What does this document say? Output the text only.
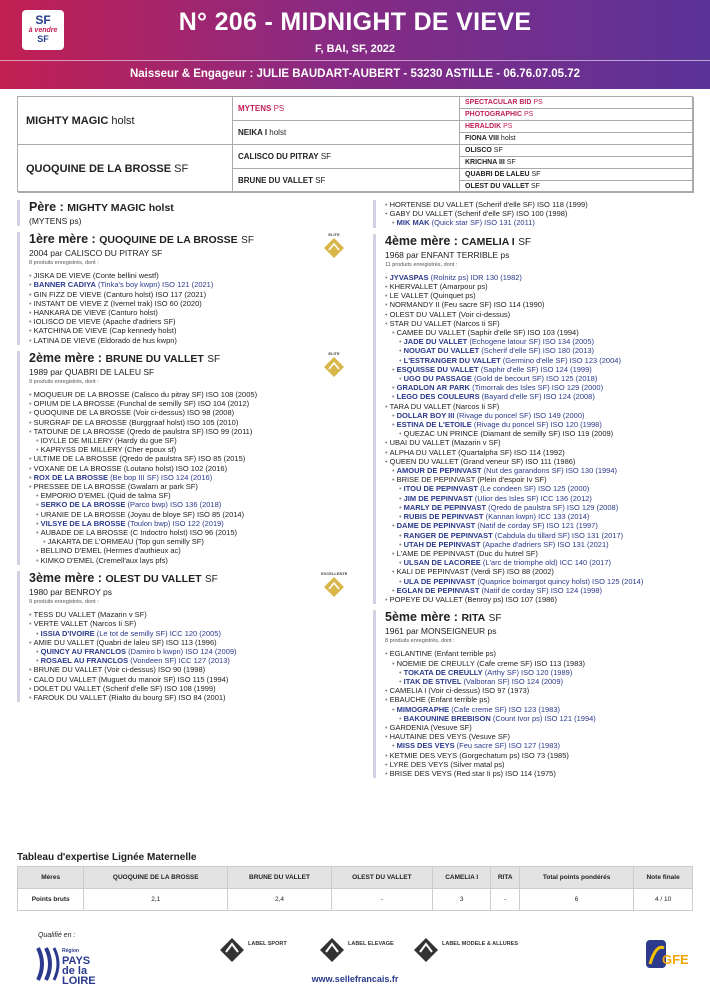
SF
à vendre
SF
N° 206 - MIDNIGHT DE VIEVE
F, BAI, SF, 2022
Naisseur & Engageur : JULIE BAUDART-AUBERT - 53230 ASTILLE - 06.76.07.05.72
MIGHTY MAGIC
holst
QUOQUINE DE LA BROSSE
SF
MYTENS
PS
NEIKA I
holst
CALISCO DU PITRAY
SF
BRUNE DU VALLET
SF
SPECTACULAR BID
PS
PHOTOGRAPHIC
PS
HERALDIK
PS
FIONA VIII
holst
OLISCO
SF
KRICHNA III
SF
QUABRI DE LALEU
SF
OLEST DU VALLET
SF
Père : MIGHTY MAGIC holst
(MYTENS ps)
ELITE
1ère mère : QUOQUINE DE LA BROSSE SF
2004 par CALISCO DU PITRAY SF
8 produits enregistrés, dont :
• JISKA DE VIEVE (Conte bellini westf)
• BANNER CADIYA (Tinka's boy kwpn) ISO 121 (2021)
• GIN FIZZ DE VIEVE (Canturo holst) ISO 117 (2021)
• INSTANT DE VIEVE Z (Ivernel trak) ISO 60 (2020)
• HANKARA DE VIEVE (Canturo holst)
• IOLISCO DE VIEVE (Apache d'adriers SF)
• KATCHINA DE VIEVE (Cap kennedy holst)
• LATINA DE VIEVE (Eldorado de hus kwpn)
ELITE
2ème mère : BRUNE DU VALLET SF
1989 par QUABRI DE LALEU SF
9 produits enregistrés, dont :
• MOQUEUR DE LA BROSSE (Calisco du pitray SF) ISO 108 (2005)
• OPIUM DE LA BROSSE (Funchal de semilly SF) ISO 104 (2012)
• QUOQUINE DE LA BROSSE (Voir ci-dessus) ISO 98 (2008)
• SURGRAF DE LA BROSSE (Burggraaf holst) ISO 105 (2010)
• TATOUNE DE LA BROSSE (Qredo de paulstra SF) ISO 99 (2011)
• IDYLLE DE MILLERY (Hardy du gue SF)
• KAPRYSS DE MILLERY (Cher epoux sf)
• ULTIME DE LA BROSSE (Qredo de paulstra SF) ISO 85 (2015)
• VOXANE DE LA BROSSE (Loutano holst) ISO 102 (2016)
• ROX DE LA BROSSE (Be bop III SF) ISO 124 (2016)
• PRESSEE DE LA BROSSE (Gwalarn ar park SF)
• EMPORIO D'EMEL (Quid de talma SF)
• SERKO DE LA BROSSE (Parco bwp) ISO 136 (2018)
• URANIE DE LA BROSSE (Joyau de bloye SF) ISO 85 (2014)
• VILSYE DE LA BROSSE (Toulon bwp) ISO 122 (2019)
• AUBADE DE LA BROSSE (C Indoctro holst) ISO 96 (2015)
• JAKARTA DE L'ORMEAU (Top gun semilly SF)
• BELLINO D'EMEL (Hermes d'authieux ac)
• KIMKO D'EMEL (Cremell'aux lays pfs)
EXCELLENTE
3ème mère : OLEST DU VALLET SF
1980 par BENROY ps
9 produits enregistrés, dont :
• TESS DU VALLET (Mazarin v SF)
• VERTE VALLET (Narcos Ii SF)
• ISSIA D'IVOIRE (Le tot de semilly SF) ICC 120 (2005)
• AMIE DU VALLET (Quabri de laleu SF) ISO 113 (1996)
• QUINCY AU FRANCLOS (Damiro b kwpn) ISO 124 (2009)
• ROSAEL AU FRANCLOS (Vondeen SF) ICC 127 (2013)
• BRUNE DU VALLET (Voir ci-dessus) ISO 90 (1998)
• CALO DU VALLET (Muguet du manoir SF) ISO 115 (1994)
• DOLET DU VALLET (Scherif d'elle SF) ISO 108 (1999)
• FAROUK DU VALLET (Rialto du bourg SF) ISO 84 (2001)
• HORTENSE DU VALLET (Scherif d'elle SF) ISO 118 (1999)
• GABY DU VALLET (Scherif d'elle SF) ISO 100 (1998)
• MIK MAK (Quick star SF) ISO 131 (2011)
4ème mère : CAMELIA I SF
1968 par ENFANT TERRIBLE ps
11 produits enregistrés, dont :
• JYVASPAS (Rolnitz ps) IDR 130 (1982)
• KHERVALLET (Amarpour ps)
• LE VALLET (Quinquet ps)
• NORMANDY II (Feu sacre SF) ISO 114 (1990)
• OLEST DU VALLET (Voir ci-dessus)
• STAR DU VALLET (Narcos Ii SF)
• CAMEE DU VALLET (Saphir d'elle SF) ISO 103 (1994)
• JADE DU VALLET (Echogene latour SF) ISO 134 (2005)
• NOUGAT DU VALLET (Scherif d'elle SF) ISO 180 (2013)
• L'ESTRANGER DU VALLET (Germino d'elle SF) ISO 123 (2004)
• ESQUISSE DU VALLET (Saphir d'elle SF) ISO 124 (1999)
• UGO DU PASSAGE (Gold de becourt SF) ISO 125 (2018)
• GRADLON AR PARK (Timorrak des Isles SF) ISO 129 (2000)
• LEGO DES COULEURS (Bayard d'elle SF) ISO 124 (2008)
• TARA DU VALLET (Narcos Ii SF)
• DOLLAR BOY III (Rivage du poncel SF) ISO 149 (2000)
• ESTINA DE L'ETOILE (Rivage du poncel SF) ISO 120 (1998)
• QUEZAC UN PRINCE (Diamant de semilly SF) ISO 119 (2009)
• UBAI DU VALLET (Mazarin v SF)
• ALPHA DU VALLET (Quartalpha SF) ISO 114 (1992)
• QUEEN DU VALLET (Grand veneur SF) ISO 111 (1986)
• AMOUR DE PEPINVAST (Nut des garandons SF) ISO 130 (1994)
• BRISE DE PEPINVAST (Plein d'espoir Iv SF)
• ITOU DE PEPINVAST (Le condeen SF) ISO 125 (2000)
• JIM DE PEPINVAST (Ulior des Isles SF) ICC 136 (2012)
• MARLY DE PEPINVAST (Qredo de paulstra SF) ISO 129 (2008)
• RUBIS DE PEPINVAST (Kannan kwpn) ICC 133 (2014)
• DAME DE PEPINVAST (Natif de corday SF) ISO 121 (1997)
• RANGER DE PEPINVAST (Cabdula du tillard SF) ISO 131 (2017)
• UTAH DE PEPINVAST (Apache d'adriers SF) ISO 131 (2021)
• L'AME DE PEPINVAST (Duc du hutrel SF)
• ULSAN DE LACOREE (L'arc de triomphe old) ICC 140 (2017)
• KALI DE PEPINVAST (Verdi SF) ISO 88 (2002)
• ULA DE PEPINVAST (Quaprice boimargot quincy holst) ISO 125 (2014)
• EGLAN DE PEPINVAST (Natif de corday SF) ISO 124 (1998)
• POPEYE DU VALLET (Benroy ps) ISO 107 (1986)
5ème mère : RITA SF
1961 par MONSEIGNEUR ps
8 produits enregistrés, dont :
• EGLANTINE (Enfant terrible ps)
• NOEMIE DE CREULLY (Cafe creme SF) ISO 113 (1983)
• TOKATA DE CREULLY (Arthy SF) ISO 120 (1989)
• ITAK DE STIVEL (Valboran SF) ISO 124 (2009)
• CAMELIA I (Voir ci-dessus) ISO 97 (1973)
• EBAUCHE (Enfant terrible ps)
• MIMOGRAPHE (Cafe creme SF) ISO 123 (1983)
• BAKOUNINE BREBISON (Count Ivor ps) ISO 121 (1994)
• GARDENIA (Vesuve SF)
• HAUTAINE DES VEYS (Vesuve SF)
• MISS DES VEYS (Feu sacre SF) ISO 127 (1983)
• KETMIE DES VEYS (Gorgechatum ps) ISO 73 (1985)
• LYRE DES VEYS (Silver matal ps)
• BRISE DES VEYS (Red star Ii ps) ISO 114 (1975)
Tableau d'expertise Lignée Maternelle
Mères	QUOQUINE DE LA BROSSE	BRUNE DU VALLET	OLEST DU VALLET	CAMELIA I	RITA	Total points pondérés	Note finale
Points bruts	2,1	2,4	-	3	-	6	4 / 10
Qualifié en :
Région
PAYS de la LOIRE
LABEL SPORT	LABEL ELEVAGE	LABEL MODELE & ALLURES
www.sellefrancais.fr
GFE
